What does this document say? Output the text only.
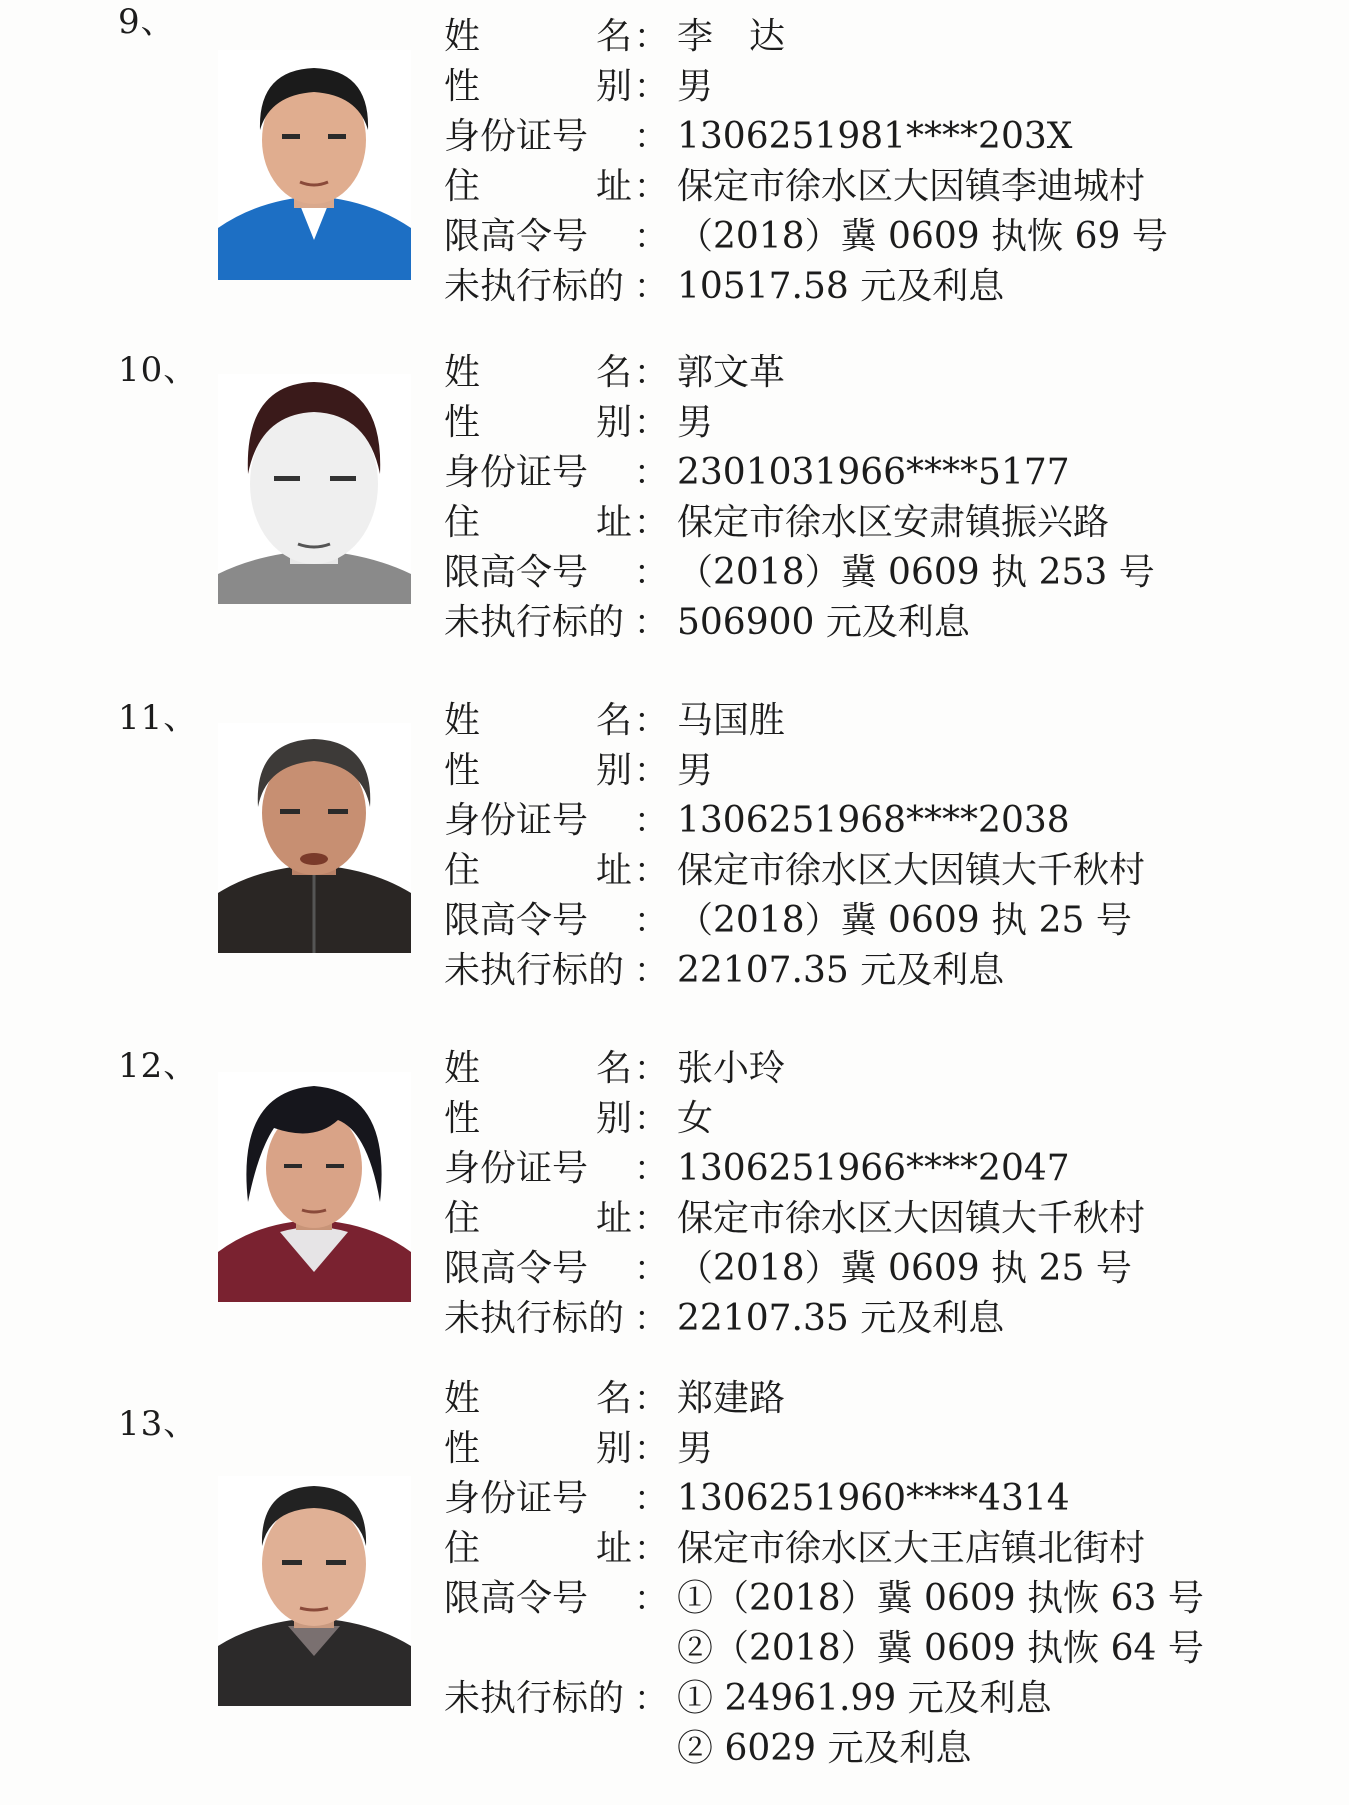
9、	姓	名 ： 李　达
性	别 ： 男
身份证号	： 1306251981****203X
住	址 ： 保定市徐水区大因镇李迪城村
限高令号	： （2018）冀 0609 执恢 69 号
未执行标的 ： 10517.58 元及利息
10、	姓	名 ： 郭文革
性	别 ： 男
身份证号	： 2301031966****5177
住	址 ： 保定市徐水区安肃镇振兴路
限高令号	： （2018）冀 0609 执 253 号
未执行标的 ： 506900 元及利息
11、	姓	名 ： 马国胜
性	别 ： 男
身份证号	： 1306251968****2038
住	址 ： 保定市徐水区大因镇大千秋村
限高令号	： （2018）冀 0609 执 25 号
未执行标的 ： 22107.35 元及利息
12、	姓	名 ： 张小玲
性	别 ： 女
身份证号	： 1306251966****2047
住	址 ： 保定市徐水区大因镇大千秋村
限高令号	： （2018）冀 0609 执 25 号
未执行标的 ： 22107.35 元及利息
13、
姓	名 ： 郑建路
性	别 ： 男
身份证号	： 1306251960****4314
住	址 ： 保定市徐水区大王店镇北街村
限高令号	： ①（2018）冀 0609 执恢 63 号
②（2018）冀 0609 执恢 64 号
未执行标的 ： ① 24961.99 元及利息
② 6029 元及利息
